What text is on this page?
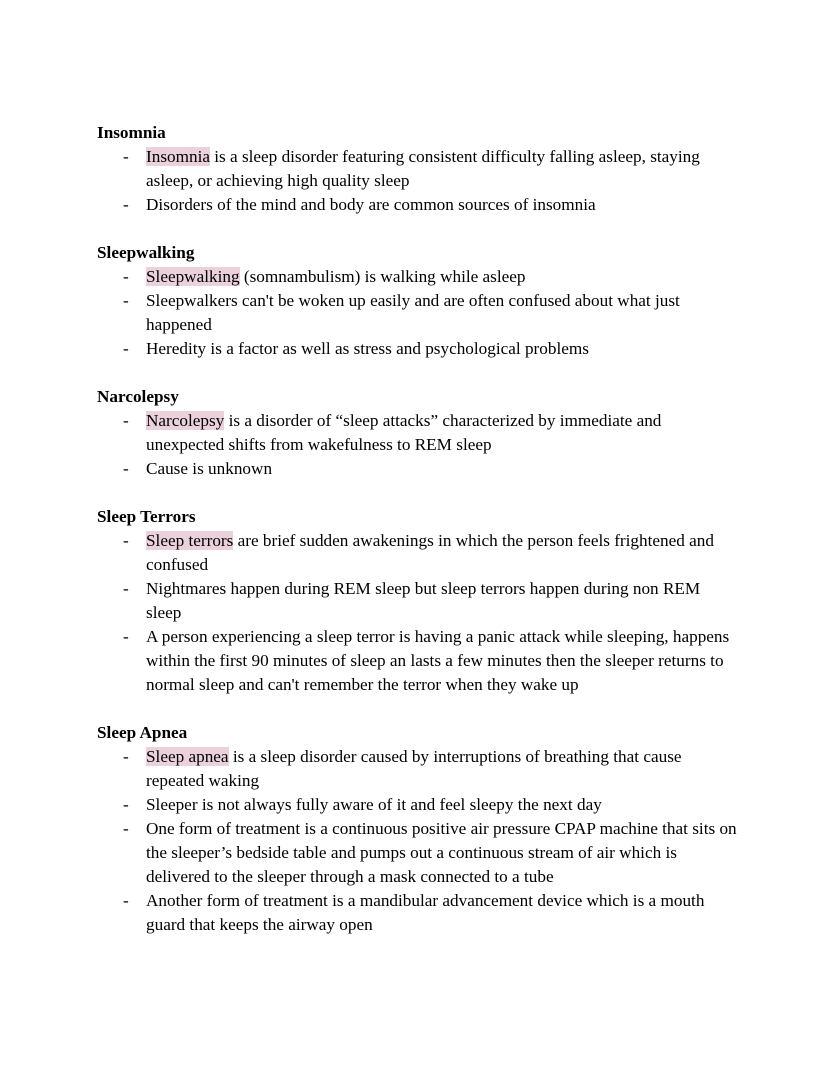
Insomnia
- Insomnia is a sleep disorder featuring consistent difficulty falling asleep, staying asleep, or achieving high quality sleep
- Disorders of the mind and body are common sources of insomnia
Sleepwalking
- Sleepwalking (somnambulism) is walking while asleep
- Sleepwalkers can't be woken up easily and are often confused about what just happened
- Heredity is a factor as well as stress and psychological problems
Narcolepsy
- Narcolepsy is a disorder of “sleep attacks” characterized by immediate and unexpected shifts from wakefulness to REM sleep
- Cause is unknown
Sleep Terrors
- Sleep terrors are brief sudden awakenings in which the person feels frightened and confused
- Nightmares happen during REM sleep but sleep terrors happen during non REM sleep
- A person experiencing a sleep terror is having a panic attack while sleeping, happens within the first 90 minutes of sleep an lasts a few minutes then the sleeper returns to normal sleep and can't remember the terror when they wake up
Sleep Apnea
- Sleep apnea is a sleep disorder caused by interruptions of breathing that cause repeated waking
- Sleeper is not always fully aware of it and feel sleepy the next day
- One form of treatment is a continuous positive air pressure CPAP machine that sits on the sleeper’s bedside table and pumps out a continuous stream of air which is delivered to the sleeper through a mask connected to a tube
- Another form of treatment is a mandibular advancement device which is a mouth guard that keeps the airway open
